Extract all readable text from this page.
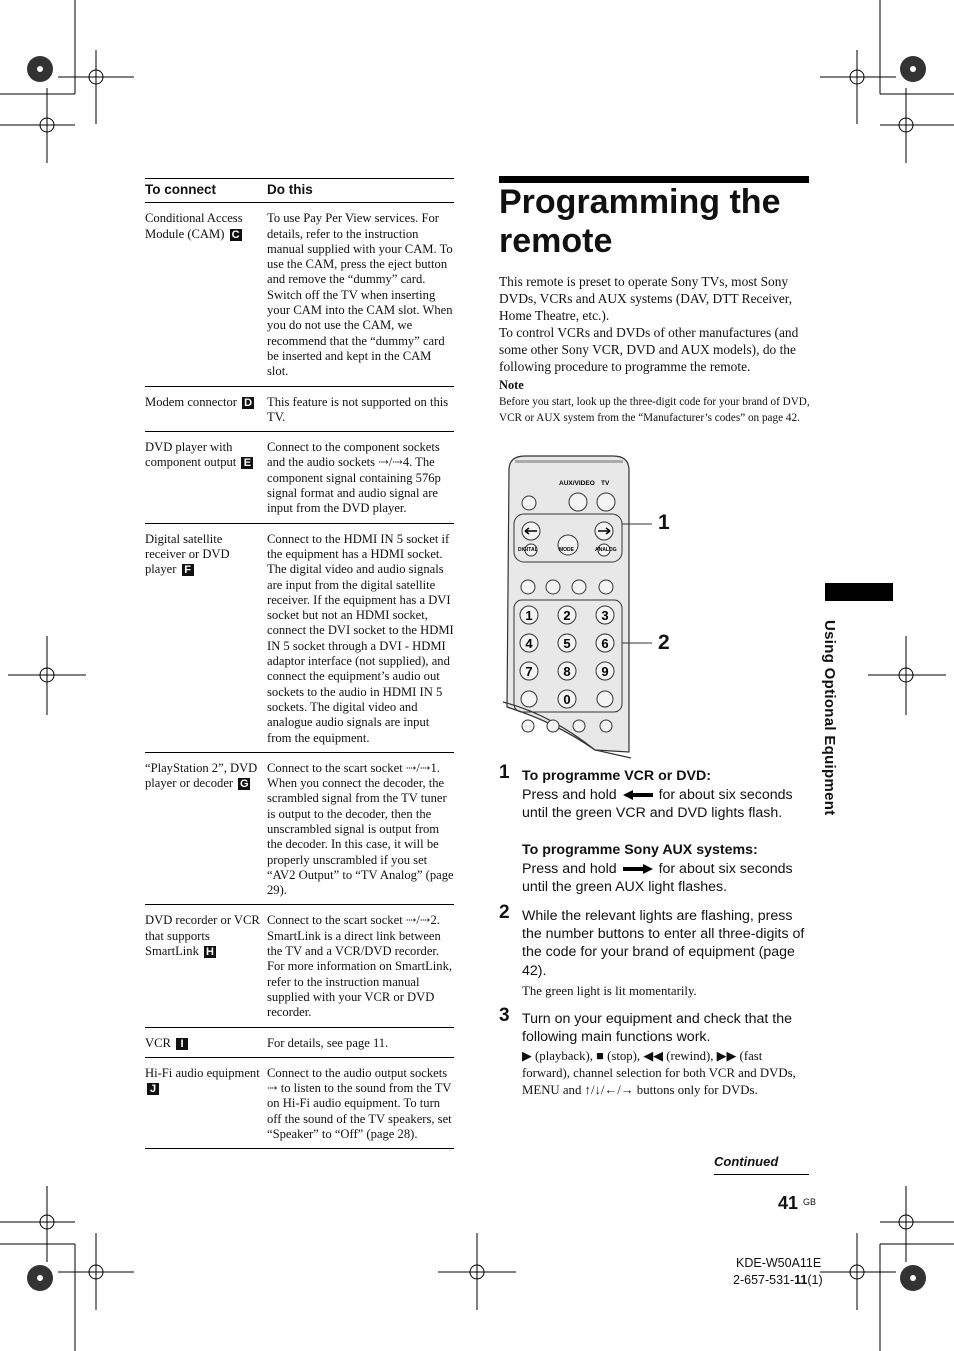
To connect	Do this
Conditional Access Module (CAM) C	To use Pay Per View services. For details, refer to the instruction manual supplied with your CAM. To use the CAM, press the eject button and remove the “dummy” card. Switch off the TV when inserting your CAM into the CAM slot. When you do not use the CAM, we recommend that the “dummy” card be inserted and kept in the CAM slot.
Modem connector D	This feature is not supported on this TV.
DVD player with component output E	Connect to the component sockets and the audio sockets ⇢/⇢4. The component signal containing 576p signal format and audio signal are input from the DVD player.
Digital satellite receiver or DVD player F	Connect to the HDMI IN 5 socket if the equipment has a HDMI socket. The digital video and audio signals are input from the digital satellite receiver. If the equipment has a DVI socket but not an HDMI socket, connect the DVI socket to the HDMI IN 5 socket through a DVI - HDMI adaptor interface (not supplied), and connect the equipment’s audio out sockets to the audio in HDMI IN 5 sockets. The digital video and analogue audio signals are input from the equipment.
“PlayStation 2”, DVD player or decoder G	Connect to the scart socket ⇢/⇢1. When you connect the decoder, the scrambled signal from the TV tuner is output to the decoder, then the unscrambled signal is output from the decoder. In this case, it will be properly unscrambled if you set “AV2 Output” to “TV Analog” (page 29).
DVD recorder or VCR that supports SmartLink H	Connect to the scart socket ⇢/⇢2. SmartLink is a direct link between the TV and a VCR/DVD recorder. For more information on SmartLink, refer to the instruction manual supplied with your VCR or DVD recorder.
VCR I	For details, see page 11.
Hi-Fi audio equipment J	Connect to the audio output sockets ⇢ to listen to the sound from the TV on Hi-Fi audio equipment. To turn off the sound of the TV speakers, set “Speaker” to “Off” (page 28).
Programming the remote
This remote is preset to operate Sony TVs, most Sony DVDs, VCRs and AUX systems (DAV, DTT Receiver, Home Theatre, etc.).
To control VCRs and DVDs of other manufactures (and some other Sony VCR, DVD and AUX models), do the following procedure to programme the remote.
Note
Before you start, look up the three-digit code for your brand of DVD, VCR or AUX system from the “Manufacturer’s codes” on page 42.
AUX/VIDEO TV
DIGITAL	MODE	ANALOG
1 2 3
4 5 6
7 8 9
0
1
2
1 To programme VCR or DVD:
Press and hold	for about six seconds until the green VCR and DVD lights flash.
To programme Sony AUX systems:
Press and hold	for about six seconds until the green AUX light flashes.
2 While the relevant lights are flashing, press the number buttons to enter all three-digits of the code for your brand of equipment (page 42).
The green light is lit momentarily.
3 Turn on your equipment and check that the following main functions work.
▶ (playback), ■ (stop), ◀◀ (rewind), ▶▶ (fast forward), channel selection for both VCR and DVDs, MENU and ↑/↓/←/→ buttons only for DVDs.
Continued
Using Optional Equipment
41 GB
KDE-W50A11E
2-657-531-11(1)
